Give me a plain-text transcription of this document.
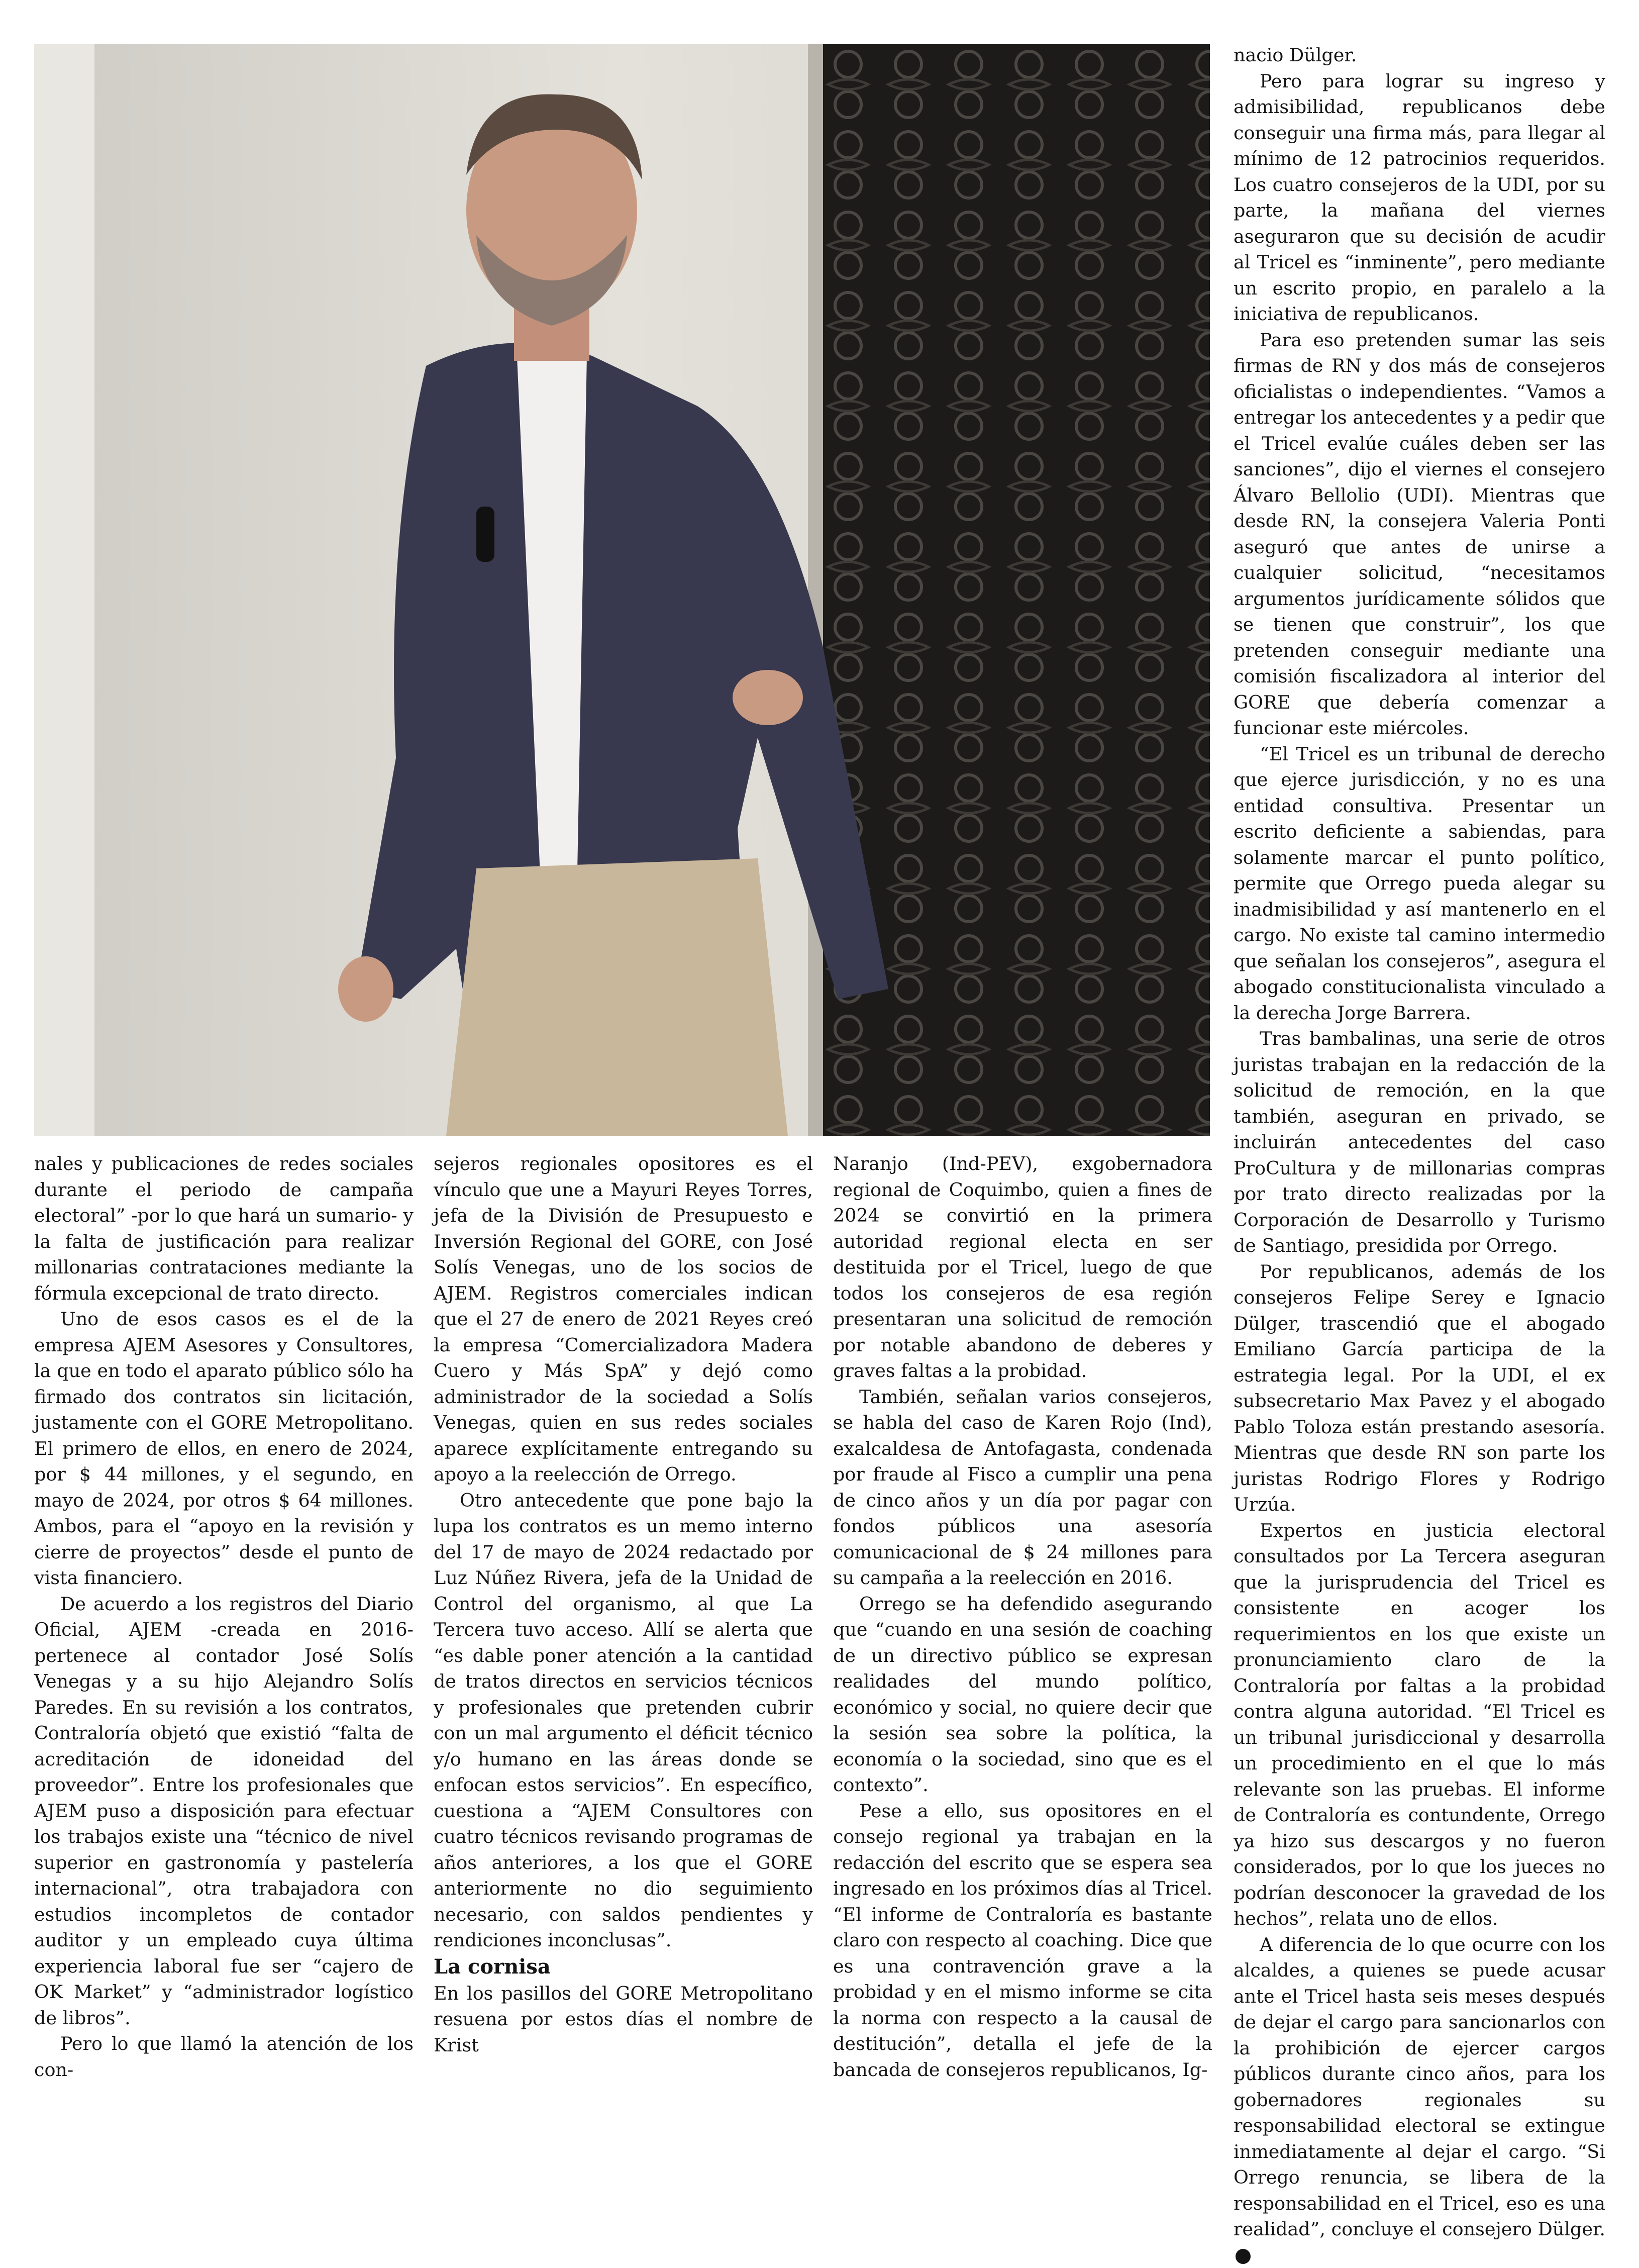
nales y publicaciones de redes sociales durante el periodo de campaña electoral” -por lo que hará un sumario- y la falta de justificación para realizar millonarias contrataciones mediante la fórmula excepcional de trato directo.

Uno de esos casos es el de la empresa AJEM Asesores y Consultores, la que en todo el aparato público sólo ha firmado dos contratos sin licitación, justamente con el GORE Metropolitano. El primero de ellos, en enero de 2024, por $ 44 millones, y el segundo, en mayo de 2024, por otros $ 64 millones. Ambos, para el “apoyo en la revisión y cierre de proyectos” desde el punto de vista financiero.

De acuerdo a los registros del Diario Oficial, AJEM -creada en 2016- pertenece al contador José Solís Venegas y a su hijo Alejandro Solís Paredes. En su revisión a los contratos, Contraloría objetó que existió “falta de acreditación de idoneidad del proveedor”. Entre los profesionales que AJEM puso a disposición para efectuar los trabajos existe una “técnico de nivel superior en gastronomía y pastelería internacional”, otra trabajadora con estudios incompletos de contador auditor y un empleado cuya última experiencia laboral fue ser “cajero de OK Market” y “administrador logístico de libros”.

Pero lo que llamó la atención de los con-

sejeros regionales opositores es el vínculo que une a Mayuri Reyes Torres, jefa de la División de Presupuesto e Inversión Regional del GORE, con José Solís Venegas, uno de los socios de AJEM. Registros comerciales indican que el 27 de enero de 2021 Reyes creó la empresa “Comercializadora Madera Cuero y Más SpA” y dejó como administrador de la sociedad a Solís Venegas, quien en sus redes sociales aparece explícitamente entregando su apoyo a la reelección de Orrego.

Otro antecedente que pone bajo la lupa los contratos es un memo interno del 17 de mayo de 2024 redactado por Luz Núñez Rivera, jefa de la Unidad de Control del organismo, al que La Tercera tuvo acceso. Allí se alerta que “es dable poner atención a la cantidad de tratos directos en servicios técnicos y profesionales que pretenden cubrir con un mal argumento el déficit técnico y/o humano en las áreas donde se enfocan estos servicios”. En específico, cuestiona a “AJEM Consultores con cuatro técnicos revisando programas de años anteriores, a los que el GORE anteriormente no dio seguimiento necesario, con saldos pendientes y rendiciones inconclusas”.

La cornisa

En los pasillos del GORE Metropolitano resuena por estos días el nombre de Krist

Naranjo (Ind-PEV), exgobernadora regional de Coquimbo, quien a fines de 2024 se convirtió en la primera autoridad regional electa en ser destituida por el Tricel, luego de que todos los consejeros de esa región presentaran una solicitud de remoción por notable abandono de deberes y graves faltas a la probidad.

También, señalan varios consejeros, se habla del caso de Karen Rojo (Ind), exalcaldesa de Antofagasta, condenada por fraude al Fisco a cumplir una pena de cinco años y un día por pagar con fondos públicos una asesoría comunicacional de $ 24 millones para su campaña a la reelección en 2016.

Orrego se ha defendido asegurando que “cuando en una sesión de coaching de un directivo público se expresan realidades del mundo político, económico y social, no quiere decir que la sesión sea sobre la política, la economía o la sociedad, sino que es el contexto”.

Pese a ello, sus opositores en el consejo regional ya trabajan en la redacción del escrito que se espera sea ingresado en los próximos días al Tricel. “El informe de Contraloría es bastante claro con respecto al coaching. Dice que es una contravención grave a la probidad y en el mismo informe se cita la norma con respecto a la causal de destitución”, detalla el jefe de la bancada de consejeros republicanos, Ig-

nacio Dülger.

Pero para lograr su ingreso y admisibilidad, republicanos debe conseguir una firma más, para llegar al mínimo de 12 patrocinios requeridos. Los cuatro consejeros de la UDI, por su parte, la mañana del viernes aseguraron que su decisión de acudir al Tricel es “inminente”, pero mediante un escrito propio, en paralelo a la iniciativa de republicanos.

Para eso pretenden sumar las seis firmas de RN y dos más de consejeros oficialistas o independientes. “Vamos a entregar los antecedentes y a pedir que el Tricel evalúe cuáles deben ser las sanciones”, dijo el viernes el consejero Álvaro Bellolio (UDI). Mientras que desde RN, la consejera Valeria Ponti aseguró que antes de unirse a cualquier solicitud, “necesitamos argumentos jurídicamente sólidos que se tienen que construir”, los que pretenden conseguir mediante una comisión fiscalizadora al interior del GORE que debería comenzar a funcionar este miércoles.

“El Tricel es un tribunal de derecho que ejerce jurisdicción, y no es una entidad consultiva. Presentar un escrito deficiente a sabiendas, para solamente marcar el punto político, permite que Orrego pueda alegar su inadmisibilidad y así mantenerlo en el cargo. No existe tal camino intermedio que señalan los consejeros”, asegura el abogado constitucionalista vinculado a la derecha Jorge Barrera.

Tras bambalinas, una serie de otros juristas trabajan en la redacción de la solicitud de remoción, en la que también, aseguran en privado, se incluirán antecedentes del caso ProCultura y de millonarias compras por trato directo realizadas por la Corporación de Desarrollo y Turismo de Santiago, presidida por Orrego.

Por republicanos, además de los consejeros Felipe Serey e Ignacio Dülger, trascendió que el abogado Emiliano García participa de la estrategia legal. Por la UDI, el ex subsecretario Max Pavez y el abogado Pablo Toloza están prestando asesoría. Mientras que desde RN son parte los juristas Rodrigo Flores y Rodrigo Urzúa.

Expertos en justicia electoral consultados por La Tercera aseguran que la jurisprudencia del Tricel es consistente en acoger los requerimientos en los que existe un pronunciamiento claro de la Contraloría por faltas a la probidad contra alguna autoridad. “El Tricel es un tribunal jurisdiccional y desarrolla un procedimiento en el que lo más relevante son las pruebas. El informe de Contraloría es contundente, Orrego ya hizo sus descargos y no fueron considerados, por lo que los jueces no podrían desconocer la gravedad de los hechos”, relata uno de ellos.

A diferencia de lo que ocurre con los alcaldes, a quienes se puede acusar ante el Tricel hasta seis meses después de dejar el cargo para sancionarlos con la prohibición de ejercer cargos públicos durante cinco años, para los gobernadores regionales su responsabilidad electoral se extingue inmediatamente al dejar el cargo. “Si Orrego renuncia, se libera de la responsabilidad en el Tricel, eso es una realidad”, concluye el consejero Dülger.◎
